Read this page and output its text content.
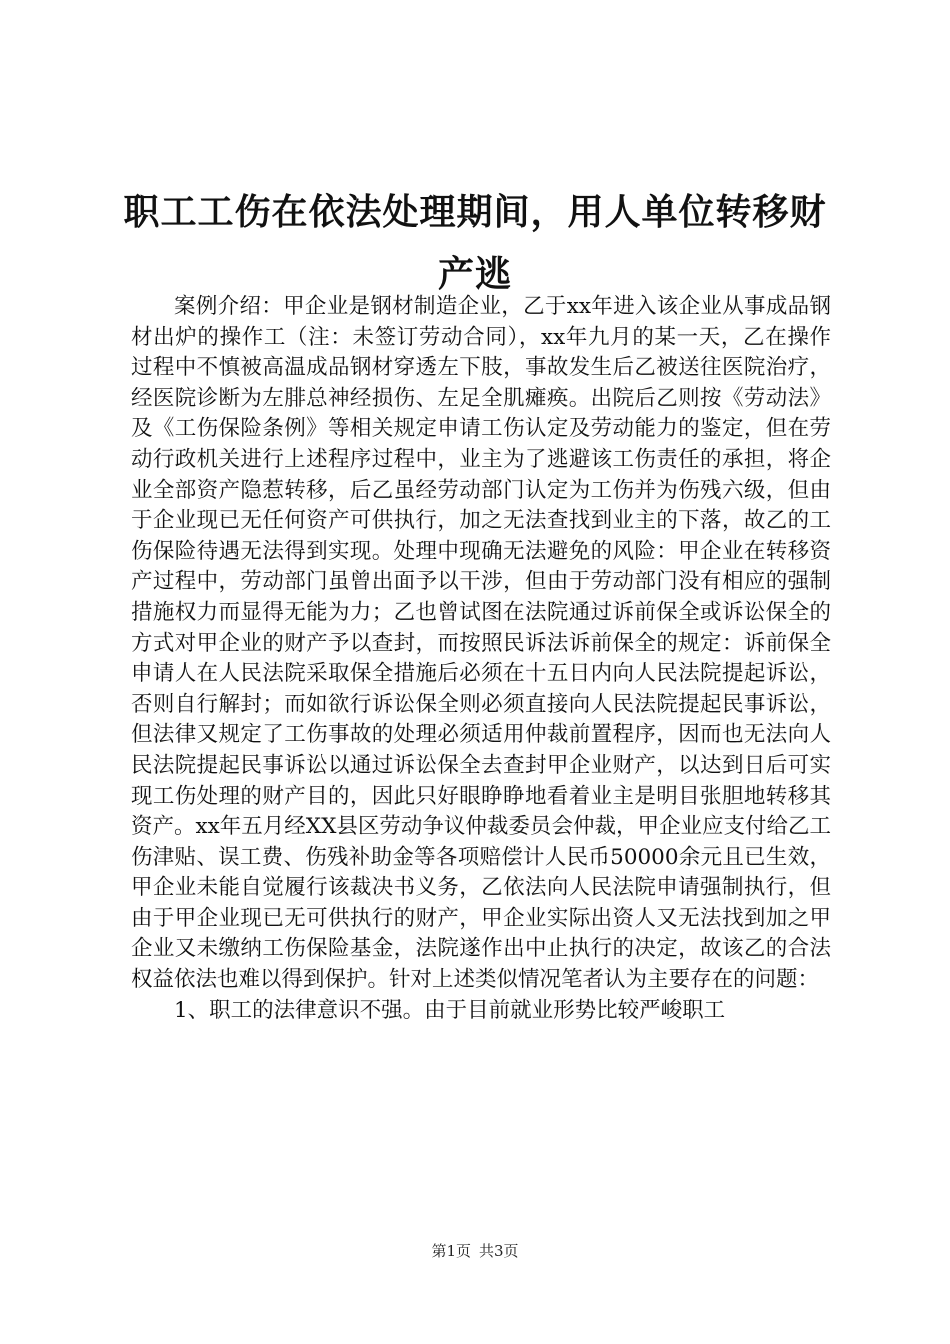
职工工伤在依法处理期间，用人单位转移财产逃

案例介绍：甲企业是钢材制造企业，乙于xx年进入该企业从事成品钢材出炉的操作工（注：未签订劳动合同），xx年九月的某一天，乙在操作过程中不慎被高温成品钢材穿透左下肢，事故发生后乙被送往医院治疗，经医院诊断为左腓总神经损伤、左足全肌瘫痪。出院后乙则按《劳动法》及《工伤保险条例》等相关规定申请工伤认定及劳动能力的鉴定，但在劳动行政机关进行上述程序过程中，业主为了逃避该工伤责任的承担，将企业全部资产隐惹转移，后乙虽经劳动部门认定为工伤并为伤残六级，但由于企业现已无任何资产可供执行，加之无法查找到业主的下落，故乙的工伤保险待遇无法得到实现。处理中现确无法避免的风险：甲企业在转移资产过程中，劳动部门虽曾出面予以干涉，但由于劳动部门没有相应的强制措施权力而显得无能为力；乙也曾试图在法院通过诉前保全或诉讼保全的方式对甲企业的财产予以查封，而按照民诉法诉前保全的规定：诉前保全申请人在人民法院采取保全措施后必须在十五日内向人民法院提起诉讼，否则自行解封；而如欲行诉讼保全则必须直接向人民法院提起民事诉讼，但法律又规定了工伤事故的处理必须适用仲裁前置程序，因而也无法向人民法院提起民事诉讼以通过诉讼保全去查封甲企业财产，以达到日后可实现工伤处理的财产目的，因此只好眼睁睁地看着业主是明目张胆地转移其资产。xx年五月经XX县区劳动争议仲裁委员会仲裁，甲企业应支付给乙工伤津贴、误工费、伤残补助金等各项赔偿计人民币50000余元且已生效，甲企业未能自觉履行该裁决书义务，乙依法向人民法院申请强制执行，但由于甲企业现已无可供执行的财产，甲企业实际出资人又无法找到加之甲企业又未缴纳工伤保险基金，法院遂作出中止执行的决定，故该乙的合法权益依法也难以得到保护。针对上述类似情况笔者认为主要存在的问题：

1、职工的法律意识不强。由于目前就业形势比较严峻职工

第1页 共3页
